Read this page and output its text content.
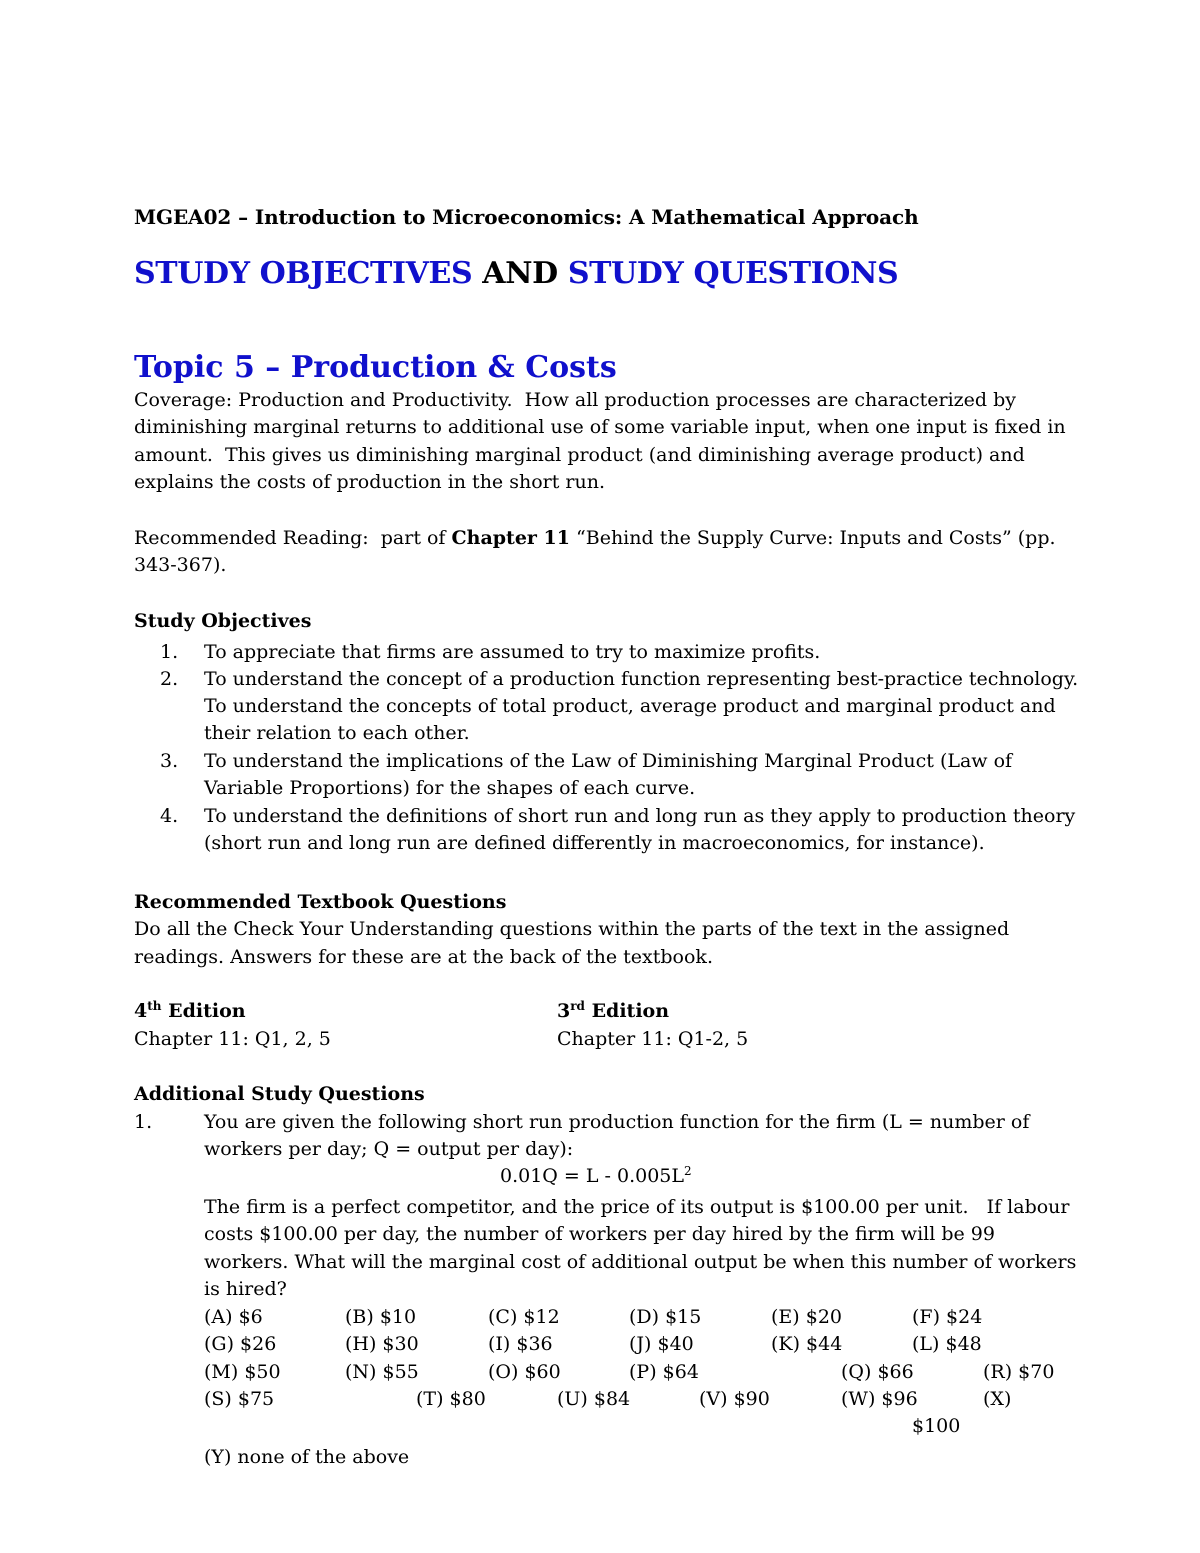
MGEA02 – Introduction to Microeconomics: A Mathematical Approach
STUDY OBJECTIVES AND STUDY QUESTIONS
Topic 5 – Production & Costs
Coverage: Production and Productivity.  How all production processes are characterized by
diminishing marginal returns to additional use of some variable input, when one input is fixed in
amount.  This gives us diminishing marginal product (and diminishing average product) and
explains the costs of production in the short run.
Recommended Reading:  part of Chapter 11 “Behind the Supply Curve: Inputs and Costs” (pp.
343-367).
Study Objectives
1. To appreciate that firms are assumed to try to maximize profits.
2. To understand the concept of a production function representing best-practice technology.
To understand the concepts of total product, average product and marginal product and
their relation to each other.
3. To understand the implications of the Law of Diminishing Marginal Product (Law of
Variable Proportions) for the shapes of each curve.
4. To understand the definitions of short run and long run as they apply to production theory
(short run and long run are defined differently in macroeconomics, for instance).
Recommended Textbook Questions
Do all the Check Your Understanding questions within the parts of the text in the assigned
readings. Answers for these are at the back of the textbook.
4th Edition	3rd Edition
Chapter 11: Q1, 2, 5	Chapter 11: Q1-2, 5
Additional Study Questions
1.	You are given the following short run production function for the firm (L = number of
workers per day; Q = output per day):
$0.01Q = L - 0.005L^2$
The firm is a perfect competitor, and the price of its output is $100.00 per unit.   If labour
costs $100.00 per day, the number of workers per day hired by the firm will be 99
workers. What will the marginal cost of additional output be when this number of workers
is hired?
(A) $6	(B) $10	(C) $12	(D) $15	(E) $20	(F) $24
(G) $26	(H) $30	(I) $36	(J) $40	(K) $44	(L) $48
(M) $50	(N) $55	(O) $60	(P) $64	(Q) $66	(R) $70
(S) $75	(T) $80	(U) $84	(V) $90	(W) $96	(X)
$100
(Y) none of the above
